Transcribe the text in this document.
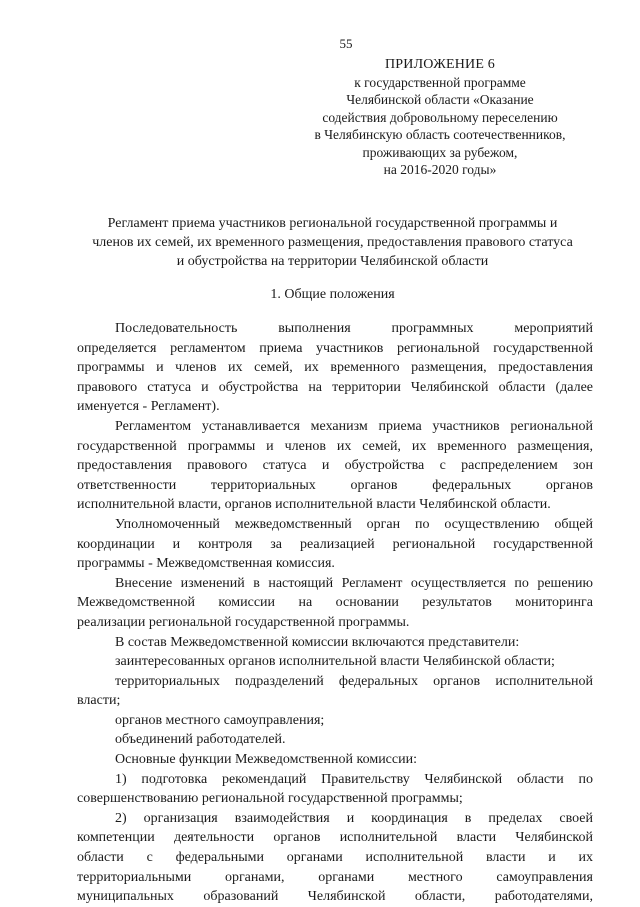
55
ПРИЛОЖЕНИЕ 6
к государственной программе
Челябинской области «Оказание
содействия добровольному переселению
в Челябинскую область соотечественников,
проживающих за рубежом,
на 2016-2020 годы»
Регламент приема участников региональной государственной программы и
членов их семей, их временного размещения, предоставления правового статуса
и обустройства на территории Челябинской области
1. Общие положения
Последовательность выполнения программных мероприятий
определяется регламентом приема участников региональной государственной
программы и членов их семей, их временного размещения, предоставления
правового статуса и обустройства на территории Челябинской области (далее
именуется - Регламент).
Регламентом устанавливается механизм приема участников региональной
государственной программы и членов их семей, их временного размещения,
предоставления правового статуса и обустройства с распределением зон
ответственности территориальных органов федеральных органов
исполнительной власти, органов исполнительной власти Челябинской области.
Уполномоченный межведомственный орган по осуществлению общей
координации и контроля за реализацией региональной государственной
программы - Межведомственная комиссия.
Внесение изменений в настоящий Регламент осуществляется по решению
Межведомственной комиссии на основании результатов мониторинга
реализации региональной государственной программы.
В состав Межведомственной комиссии включаются представители:
заинтересованных органов исполнительной власти Челябинской области;
территориальных подразделений федеральных органов исполнительной
власти;
органов местного самоуправления;
объединений работодателей.
Основные функции Межведомственной комиссии:
1) подготовка рекомендаций Правительству Челябинской области по
совершенствованию региональной государственной программы;
2) организация взаимодействия и координация в пределах своей
компетенции деятельности органов исполнительной власти Челябинской
области с федеральными органами исполнительной власти и их
территориальными органами, органами местного самоуправления
муниципальных образований Челябинской области, работодателями,
